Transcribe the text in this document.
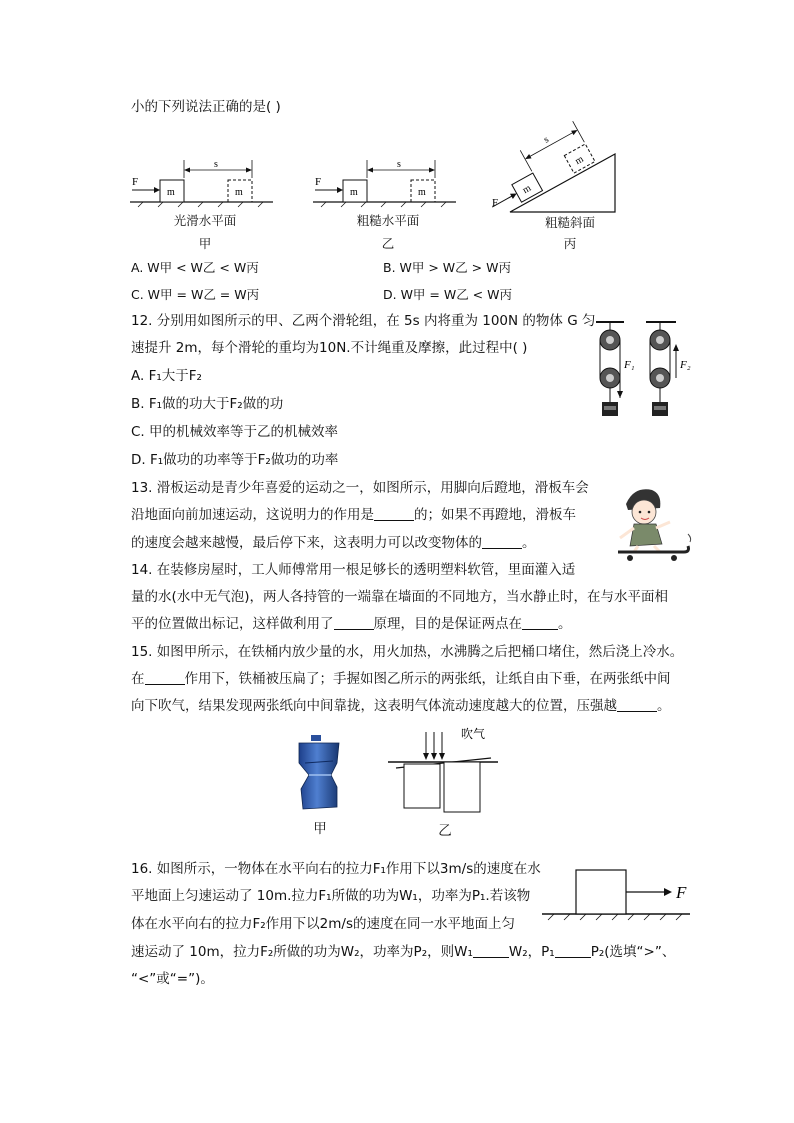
小的下列说法正确的是( )
F
m	m
s
光滑水平面
甲
F
m	m
s
粗糙水平面
乙
m
m
s
F
粗糙斜面
丙
A. W甲 < W乙 < W丙	B. W甲 > W乙 > W丙
C. W甲 = W乙 = W丙	D. W甲 = W乙 < W丙
12. 分别用如图所示的甲、乙两个滑轮组，在 5s 内将重为 100N 的物体 G 匀
速提升 2m，每个滑轮的重均为10N.不计绳重及摩擦，此过程中( )
A. F₁大于F₂
B. F₁做的功大于F₂做的功
C. 甲的机械效率等于乙的机械效率
D. F₁做功的功率等于F₂做功的功率
F₁	F₂
13. 滑板运动是青少年喜爱的运动之一，如图所示，用脚向后蹬地，滑板车会
沿地面向前加速运动，这说明力的作用是	的；如果不再蹬地，滑板车
的速度会越来越慢，最后停下来，这表明力可以改变物体的	。
14. 在装修房屋时，工人师傅常用一根足够长的透明塑料软管，里面灌入适
量的水(水中无气泡)，两人各持管的一端靠在墙面的不同地方，当水静止时，在与水平面相
平的位置做出标记，这样做利用了	原理，目的是保证两点在	。
15. 如图甲所示，在铁桶内放少量的水，用火加热，水沸腾之后把桶口堵住，然后浇上冷水。
在	作用下，铁桶被压扁了；手握如图乙所示的两张纸，让纸自由下垂，在两张纸中间
向下吹气，结果发现两张纸向中间靠拢，这表明气体流动速度越大的位置，压强越	。
甲
吹气
乙
16. 如图所示，一物体在水平向右的拉力F₁作用下以3m/s的速度在水
平地面上匀速运动了 10m.拉力F₁所做的功为W₁，功率为P₁.若该物
体在水平向右的拉力F₂作用下以2m/s的速度在同一水平地面上匀
速运动了 10m，拉力F₂所做的功为W₂，功率为P₂，则W₁	W₂，P₁	P₂(选填“>”、
“<”或“=”)。
F
